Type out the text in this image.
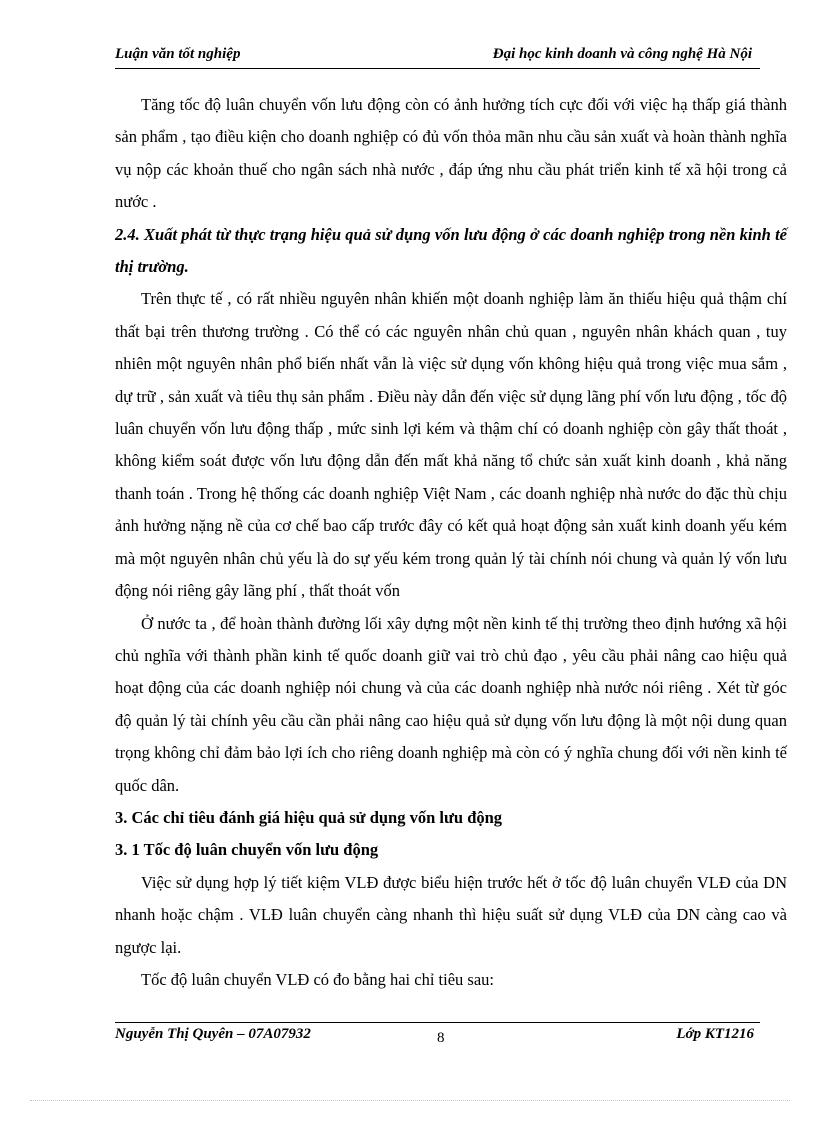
Luận văn tốt nghiệp	Đại học kinh doanh và công nghệ Hà Nội

Tăng tốc độ luân chuyển vốn lưu động còn có ảnh hưởng tích cực đối với việc hạ thấp giá thành sản phẩm , tạo điều kiện cho doanh nghiệp có đủ vốn thỏa mãn nhu cầu sản xuất và hoàn thành nghĩa vụ nộp các khoản thuế cho ngân sách nhà nước , đáp ứng nhu cầu phát triển kinh tế xã hội trong cả nước .

2.4. Xuất phát từ thực trạng hiệu quả sử dụng vốn lưu động ở các doanh nghiệp trong nền kinh tế thị trường.

Trên thực tế , có rất nhiều nguyên nhân khiến một doanh nghiệp làm ăn thiếu hiệu quả thậm chí thất bại trên thương trường . Có thể có các nguyên nhân chủ quan , nguyên nhân khách quan , tuy nhiên một nguyên nhân phổ biến nhất vẫn là việc sử dụng vốn không hiệu quả trong việc mua sắm , dự trữ , sản xuất và tiêu thụ sản phẩm . Điều này dẫn đến việc sử dụng lãng phí vốn lưu động , tốc độ luân chuyển vốn lưu động thấp , mức sinh lợi kém và thậm chí có doanh nghiệp còn gây thất thoát , không kiểm soát được vốn lưu động dẫn đến mất khả năng tổ chức sản xuất kinh doanh , khả năng thanh toán . Trong hệ thống các doanh nghiệp Việt Nam , các doanh nghiệp nhà nước do đặc thù chịu ảnh hưởng nặng nề của cơ chế bao cấp trước đây có kết quả hoạt động sản xuất kinh doanh yếu kém mà một nguyên nhân chủ yếu là do sự yếu kém trong quản lý tài chính nói chung và quản lý vốn lưu động nói riêng gây lãng phí , thất thoát vốn

Ở nước ta , để hoàn thành đường lối xây dựng một nền kinh tế thị trường theo định hướng xã hội chủ nghĩa với thành phần kinh tế quốc doanh giữ vai trò chủ đạo , yêu cầu phải nâng cao hiệu quả hoạt động của các doanh nghiệp nói chung và của các doanh nghiệp nhà nước nói riêng . Xét từ góc độ quản lý tài chính yêu cầu cần phải nâng cao hiệu quả sử dụng vốn lưu động là một nội dung quan trọng không chỉ đảm bảo lợi ích cho riêng doanh nghiệp mà còn có ý nghĩa chung đối với nền kinh tế quốc dân.

3. Các chỉ tiêu đánh giá hiệu quả sử dụng vốn lưu động

3. 1 Tốc độ luân chuyển vốn lưu động

Việc sử dụng hợp lý tiết kiệm VLĐ được biểu hiện trước hết ở tốc độ luân chuyển VLĐ của DN nhanh hoặc chậm . VLĐ luân chuyển càng nhanh thì hiệu suất sử dụng VLĐ của DN càng cao và ngược lại.

Tốc độ luân chuyển VLĐ có đo bằng hai chỉ tiêu sau:

Nguyễn Thị Quyên – 07A07932	8	Lớp KT1216
